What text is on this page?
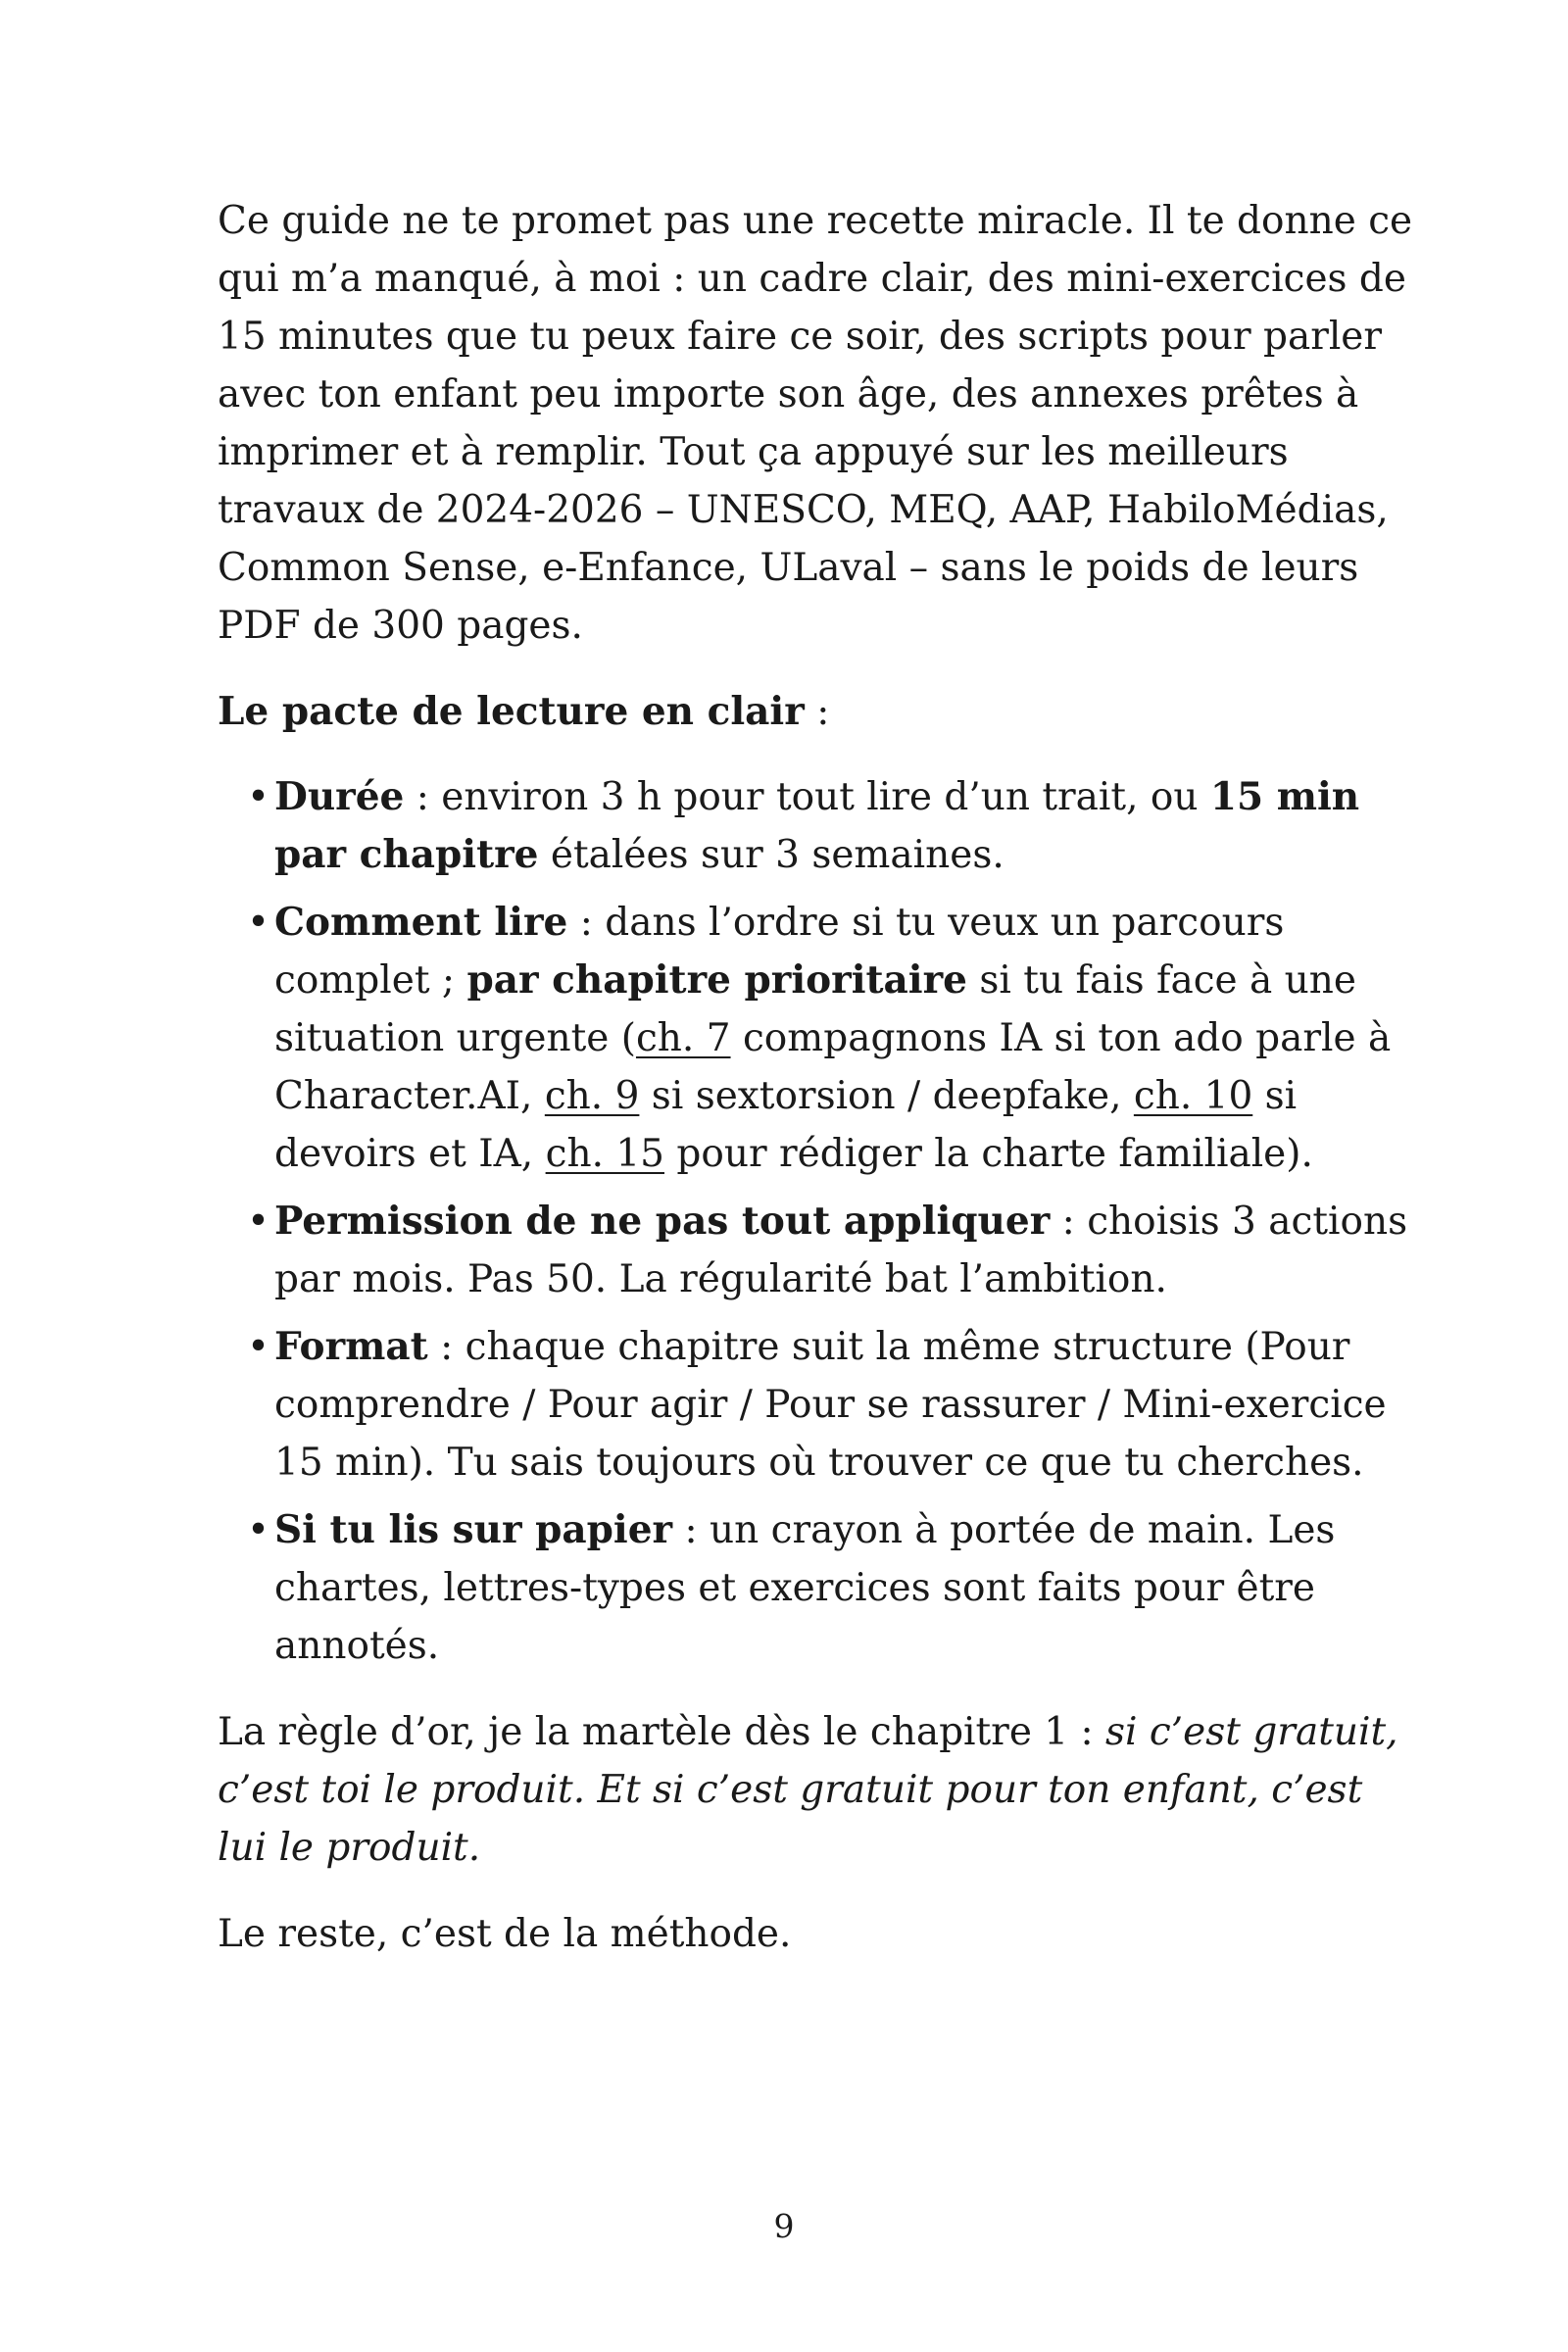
Ce guide ne te promet pas une recette miracle. Il te donne ce qui m’a manqué, à moi : un cadre clair, des mini-exercices de 15 minutes que tu peux faire ce soir, des scripts pour parler avec ton enfant peu importe son âge, des annexes prêtes à imprimer et à remplir. Tout ça appuyé sur les meilleurs travaux de 2024-2026 – UNESCO, MEQ, AAP, HabiloMédias, Common Sense, e-Enfance, ULaval – sans le poids de leurs PDF de 300 pages.

Le pacte de lecture en clair :

• Durée : environ 3 h pour tout lire d’un trait, ou 15 min par chapitre étalées sur 3 semaines.
• Comment lire : dans l’ordre si tu veux un parcours complet ; par chapitre prioritaire si tu fais face à une situation urgente (ch. 7 compagnons IA si ton ado parle à Character.AI, ch. 9 si sextorsion / deepfake, ch. 10 si devoirs et IA, ch. 15 pour rédiger la charte familiale).
• Permission de ne pas tout appliquer : choisis 3 actions par mois. Pas 50. La régularité bat l’ambition.
• Format : chaque chapitre suit la même structure (Pour comprendre / Pour agir / Pour se rassurer / Mini-exercice 15 min). Tu sais toujours où trouver ce que tu cherches.
• Si tu lis sur papier : un crayon à portée de main. Les chartes, lettres-types et exercices sont faits pour être annotés.

La règle d’or, je la martèle dès le chapitre 1 : si c’est gratuit, c’est toi le produit. Et si c’est gratuit pour ton enfant, c’est lui le produit.

Le reste, c’est de la méthode.

9
